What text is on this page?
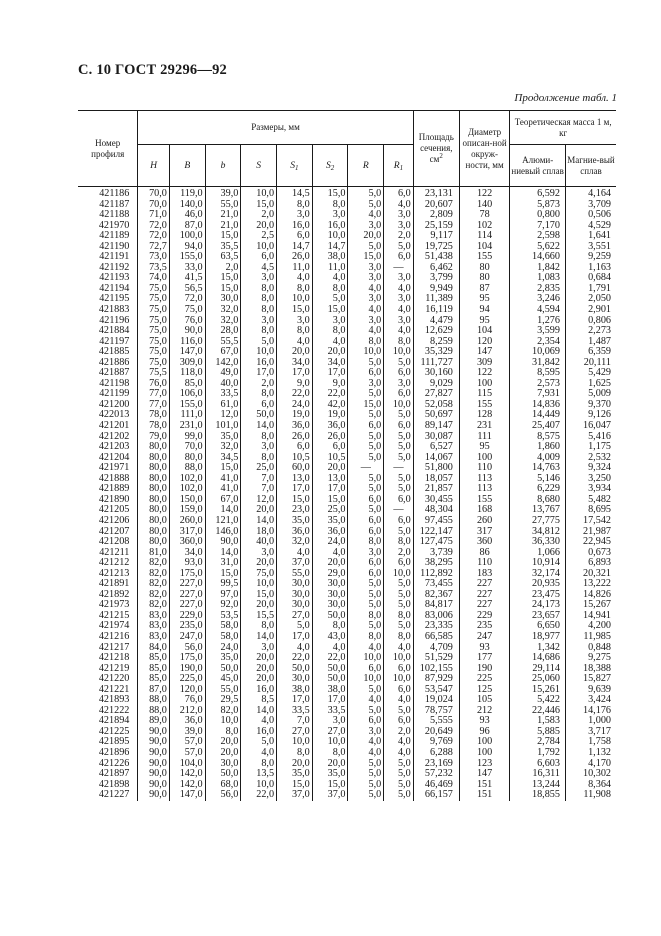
С. 10 ГОСТ 29296—92
Продолжение табл. 1
Номер профиля	Размеры, мм								Площадь сечения, $см^2$	Диаметр описан-ной окруж-ности, мм	Теоретическая масса 1 м, кг	
	H	B	b	S	$S_1$	$S_2$	R	$R_1$			Алюми-ниевый сплав	Магние-вый сплав
421186	70,0	119,0	39,0	10,0	14,5	15,0	5,0	6,0	23,131	122	6,592	4,164
421187	70,0	140,0	55,0	15,0	8,0	8,0	5,0	4,0	20,607	140	5,873	3,709
421188	71,0	46,0	21,0	2,0	3,0	3,0	4,0	3,0	2,809	78	0,800	0,506
421970	72,0	87,0	21,0	20,0	16,0	16,0	3,0	3,0	25,159	102	7,170	4,529
421189	72,0	100,0	15,0	2,5	6,0	10,0	20,0	2,0	9,117	114	2,598	1,641
421190	72,7	94,0	35,5	10,0	14,7	14,7	5,0	5,0	19,725	104	5,622	3,551
421191	73,0	155,0	63,5	6,0	26,0	38,0	15,0	6,0	51,438	155	14,660	9,259
421192	73,5	33,0	2,0	4,5	11,0	11,0	3,0	—	6,462	80	1,842	1,163
421193	74,0	41,5	15,0	3,0	4,0	4,0	3,0	3,0	3,799	80	1,083	0,684
421194	75,0	56,5	15,0	8,0	8,0	8,0	4,0	4,0	9,949	87	2,835	1,791
421195	75,0	72,0	30,0	8,0	10,0	5,0	3,0	3,0	11,389	95	3,246	2,050
421883	75,0	75,0	32,0	8,0	15,0	15,0	4,0	4,0	16,119	94	4,594	2,901
421196	75,0	76,0	32,0	3,0	3,0	3,0	3,0	3,0	4,479	95	1,276	0,806
421884	75,0	90,0	28,0	8,0	8,0	8,0	4,0	4,0	12,629	104	3,599	2,273
421197	75,0	116,0	55,5	5,0	4,0	4,0	8,0	8,0	8,259	120	2,354	1,487
421885	75,0	147,0	67,0	10,0	20,0	20,0	10,0	10,0	35,329	147	10,069	6,359
421886	75,0	309,0	142,0	16,0	34,0	34,0	5,0	5,0	111,727	309	31,842	20,111
421887	75,5	118,0	49,0	17,0	17,0	17,0	6,0	6,0	30,160	122	8,595	5,429
421198	76,0	85,0	40,0	2,0	9,0	9,0	3,0	3,0	9,029	100	2,573	1,625
421199	77,0	106,0	33,5	8,0	22,0	22,0	5,0	6,0	27,827	115	7,931	5,009
421200	77,0	155,0	61,0	6,0	24,0	42,0	15,0	10,0	52,058	155	14,836	9,370
422013	78,0	111,0	12,0	50,0	19,0	19,0	5,0	5,0	50,697	128	14,449	9,126
421201	78,0	231,0	101,0	14,0	36,0	36,0	6,0	6,0	89,147	231	25,407	16,047
421202	79,0	99,0	35,0	8,0	26,0	26,0	5,0	5,0	30,087	111	8,575	5,416
421203	80,0	70,0	32,0	3,0	6,0	6,0	5,0	5,0	6,527	95	1,860	1,175
421204	80,0	80,0	34,5	8,0	10,5	10,5	5,0	5,0	14,067	100	4,009	2,532
421971	80,0	88,0	15,0	25,0	60,0	20,0	—	—	51,800	110	14,763	9,324
421888	80,0	102,0	41,0	7,0	13,0	13,0	5,0	5,0	18,057	113	5,146	3,250
421889	80,0	102,0	41,0	7,0	17,0	17,0	5,0	5,0	21,857	113	6,229	3,934
421890	80,0	150,0	67,0	12,0	15,0	15,0	6,0	6,0	30,455	155	8,680	5,482
421205	80,0	159,0	14,0	20,0	23,0	25,0	5,0	—	48,304	168	13,767	8,695
421206	80,0	260,0	121,0	14,0	35,0	35,0	6,0	6,0	97,455	260	27,775	17,542
421207	80,0	317,0	146,0	18,0	36,0	36,0	6,0	5,0	122,147	317	34,812	21,987
421208	80,0	360,0	90,0	40,0	32,0	24,0	8,0	8,0	127,475	360	36,330	22,945
421211	81,0	34,0	14,0	3,0	4,0	4,0	3,0	2,0	3,739	86	1,066	0,673
421212	82,0	93,0	31,0	20,0	37,0	20,0	6,0	6,0	38,295	110	10,914	6,893
421213	82,0	175,0	15,0	75,0	55,0	29,0	6,0	10,0	112,892	183	32,174	20,321
421891	82,0	227,0	99,5	10,0	30,0	30,0	5,0	5,0	73,455	227	20,935	13,222
421892	82,0	227,0	97,0	15,0	30,0	30,0	5,0	5,0	82,367	227	23,475	14,826
421973	82,0	227,0	92,0	20,0	30,0	30,0	5,0	5,0	84,817	227	24,173	15,267
421215	83,0	229,0	53,5	15,5	27,0	50,0	8,0	8,0	83,006	229	23,657	14,941
421974	83,0	235,0	58,0	8,0	5,0	8,0	5,0	5,0	23,335	235	6,650	4,200
421216	83,0	247,0	58,0	14,0	17,0	43,0	8,0	8,0	66,585	247	18,977	11,985
421217	84,0	56,0	24,0	3,0	4,0	4,0	4,0	4,0	4,709	93	1,342	0,848
421218	85,0	175,0	35,0	20,0	22,0	22,0	10,0	10,0	51,529	177	14,686	9,275
421219	85,0	190,0	50,0	20,0	50,0	50,0	6,0	6,0	102,155	190	29,114	18,388
421220	85,0	225,0	45,0	20,0	30,0	50,0	10,0	10,0	87,929	225	25,060	15,827
421221	87,0	120,0	55,0	16,0	38,0	38,0	5,0	6,0	53,547	125	15,261	9,639
421893	88,0	76,0	29,5	8,5	17,0	17,0	4,0	4,0	19,024	105	5,422	3,424
421222	88,0	212,0	82,0	14,0	33,5	33,5	5,0	5,0	78,757	212	22,446	14,176
421894	89,0	36,0	10,0	4,0	7,0	3,0	6,0	6,0	5,555	93	1,583	1,000
421225	90,0	39,0	8,0	16,0	27,0	27,0	3,0	2,0	20,649	96	5,885	3,717
421895	90,0	57,0	20,0	5,0	10,0	10,0	4,0	4,0	9,769	100	2,784	1,758
421896	90,0	57,0	20,0	4,0	8,0	8,0	4,0	4,0	6,288	100	1,792	1,132
421226	90,0	104,0	30,0	8,0	20,0	20,0	5,0	5,0	23,169	123	6,603	4,170
421897	90,0	142,0	50,0	13,5	35,0	35,0	5,0	5,0	57,232	147	16,311	10,302
421898	90,0	142,0	68,0	10,0	15,0	15,0	5,0	5,0	46,469	151	13,244	8,364
421227	90,0	147,0	56,0	22,0	37,0	37,0	5,0	5,0	66,157	151	18,855	11,908
